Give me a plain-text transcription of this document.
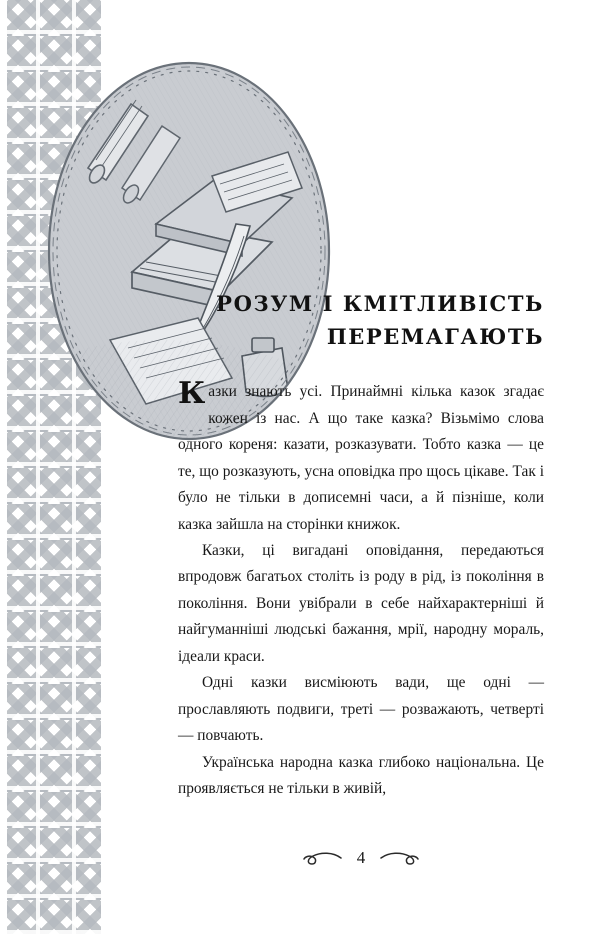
РОЗУМ І КМІТЛИВІСТЬ
ПЕРЕМАГАЮТЬ

Казки знають усі. Принаймні кілька казок згадає кожен із нас. А що таке казка? Візьмімо слова одного кореня: казати, розказувати. Тобто казка — це те, що розказують, усна оповідка про щось цікаве. Так і було не тільки в дописемні часи, а й пізніше, коли казка зайшла на сторінки книжок.

Казки, ці вигадані оповідання, передаються впродовж багатьох століть із роду в рід, із покоління в покоління. Вони увібрали в себе найхарактерніші й найгуманніші людські бажання, мрії, народну мораль, ідеали краси.

Одні казки висміюють вади, ще одні — прославляють подвиги, треті — розважають, четверті — повчають.

Українська народна казка глибоко національна. Це проявляється не тільки в живій,

4
